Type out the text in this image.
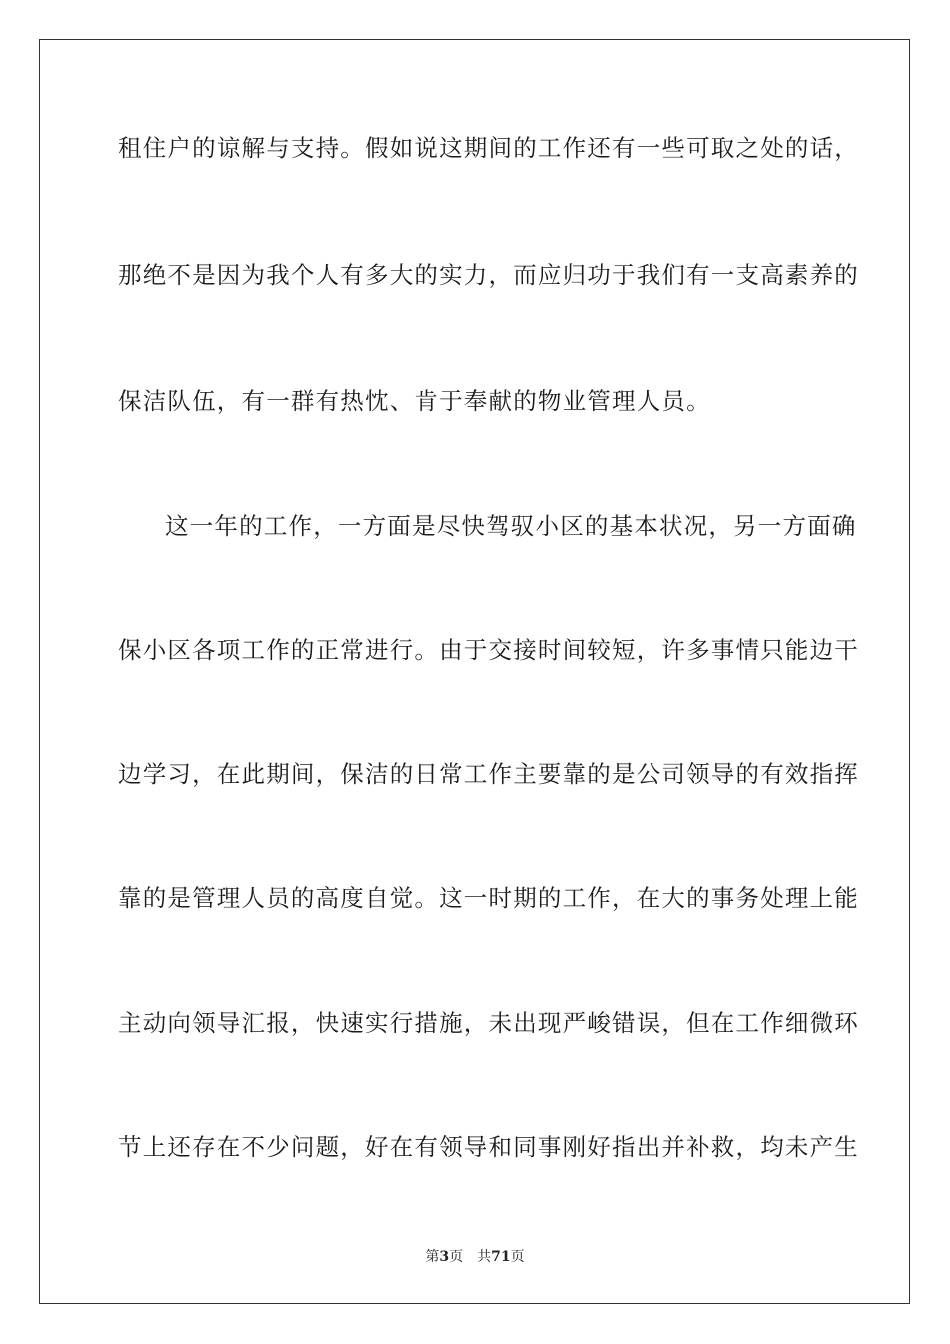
租住户的谅解与支持。假如说这期间的工作还有一些可取之处的话，
那绝不是因为我个人有多大的实力，而应归功于我们有一支高素养的
保洁队伍，有一群有热忱、肯于奉献的物业管理人员。
这一年的工作，一方面是尽快驾驭小区的基本状况，另一方面确
保小区各项工作的正常进行。由于交接时间较短，许多事情只能边干
边学习，在此期间，保洁的日常工作主要靠的是公司领导的有效指挥
靠的是管理人员的高度自觉。这一时期的工作，在大的事务处理上能
主动向领导汇报，快速实行措施，未出现严峻错误，但在工作细微环
节上还存在不少问题，好在有领导和同事刚好指出并补救，均未产生
第3页 共71页
